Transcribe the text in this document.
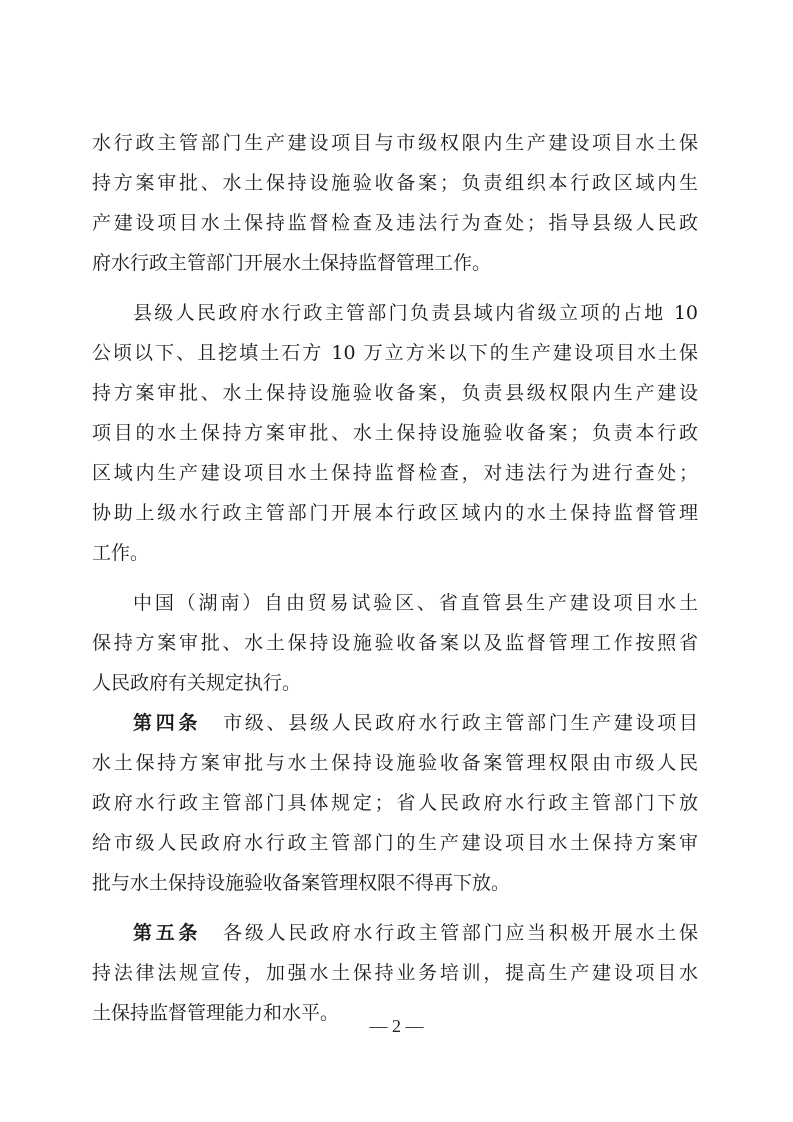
水行政主管部门生产建设项目与市级权限内生产建设项目水土保
持方案审批、水土保持设施验收备案；负责组织本行政区域内生
产建设项目水土保持监督检查及违法行为查处；指导县级人民政
府水行政主管部门开展水土保持监督管理工作。
县级人民政府水行政主管部门负责县域内省级立项的占地 10
公顷以下、且挖填土石方 10 万立方米以下的生产建设项目水土保
持方案审批、水土保持设施验收备案，负责县级权限内生产建设
项目的水土保持方案审批、水土保持设施验收备案；负责本行政
区域内生产建设项目水土保持监督检查，对违法行为进行查处；
协助上级水行政主管部门开展本行政区域内的水土保持监督管理
工作。
中国（湖南）自由贸易试验区、省直管县生产建设项目水土
保持方案审批、水土保持设施验收备案以及监督管理工作按照省
人民政府有关规定执行。
第四条 市级、县级人民政府水行政主管部门生产建设项目
水土保持方案审批与水土保持设施验收备案管理权限由市级人民
政府水行政主管部门具体规定；省人民政府水行政主管部门下放
给市级人民政府水行政主管部门的生产建设项目水土保持方案审
批与水土保持设施验收备案管理权限不得再下放。
第五条 各级人民政府水行政主管部门应当积极开展水土保
持法律法规宣传，加强水土保持业务培训，提高生产建设项目水
土保持监督管理能力和水平。
— 2 —
